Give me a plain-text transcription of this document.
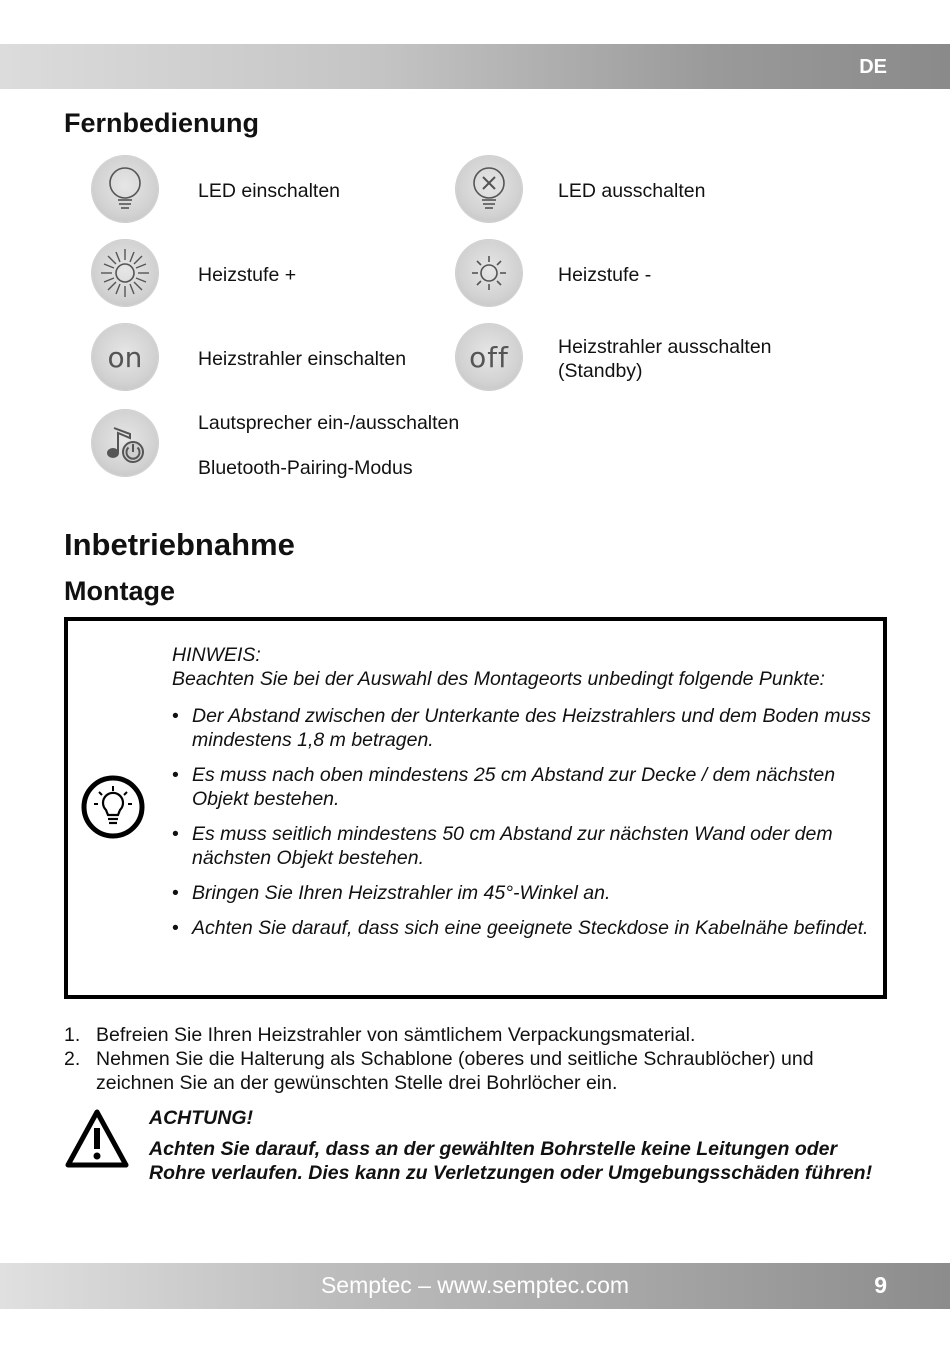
DE
Fernbedienung
LED einschalten	LED ausschalten
Heizstufe +	Heizstufe -
on	Heizstrahler einschalten off	Heizstrahler ausschalten (Standby)
Lautsprecher ein-/ausschalten
Bluetooth-Pairing-Modus
Inbetriebnahme
Montage
HINWEIS:
Beachten Sie bei der Auswahl des Montageorts unbedingt folgende Punkte:
• Der Abstand zwischen der Unterkante des Heizstrahlers und dem Boden muss mindestens 1,8 m betragen.
• Es muss nach oben mindestens 25 cm Abstand zur Decke / dem nächsten Objekt bestehen.
• Es muss seitlich mindestens 50 cm Abstand zur nächsten Wand oder dem nächsten Objekt bestehen.
• Bringen Sie Ihren Heizstrahler im 45°-Winkel an.
• Achten Sie darauf, dass sich eine geeignete Steckdose in Kabelnähe befindet.
1. Befreien Sie Ihren Heizstrahler von sämtlichem Verpackungsmaterial.
2. Nehmen Sie die Halterung als Schablone (oberes und seitliche Schraublöcher) und zeichnen Sie an der gewünschten Stelle drei Bohrlöcher ein.
ACHTUNG!
Achten Sie darauf, dass an der gewählten Bohrstelle keine Leitungen oder Rohre verlaufen. Dies kann zu Verletzungen oder Umgebungsschäden führen!
Semptec – www.semptec.com	9
